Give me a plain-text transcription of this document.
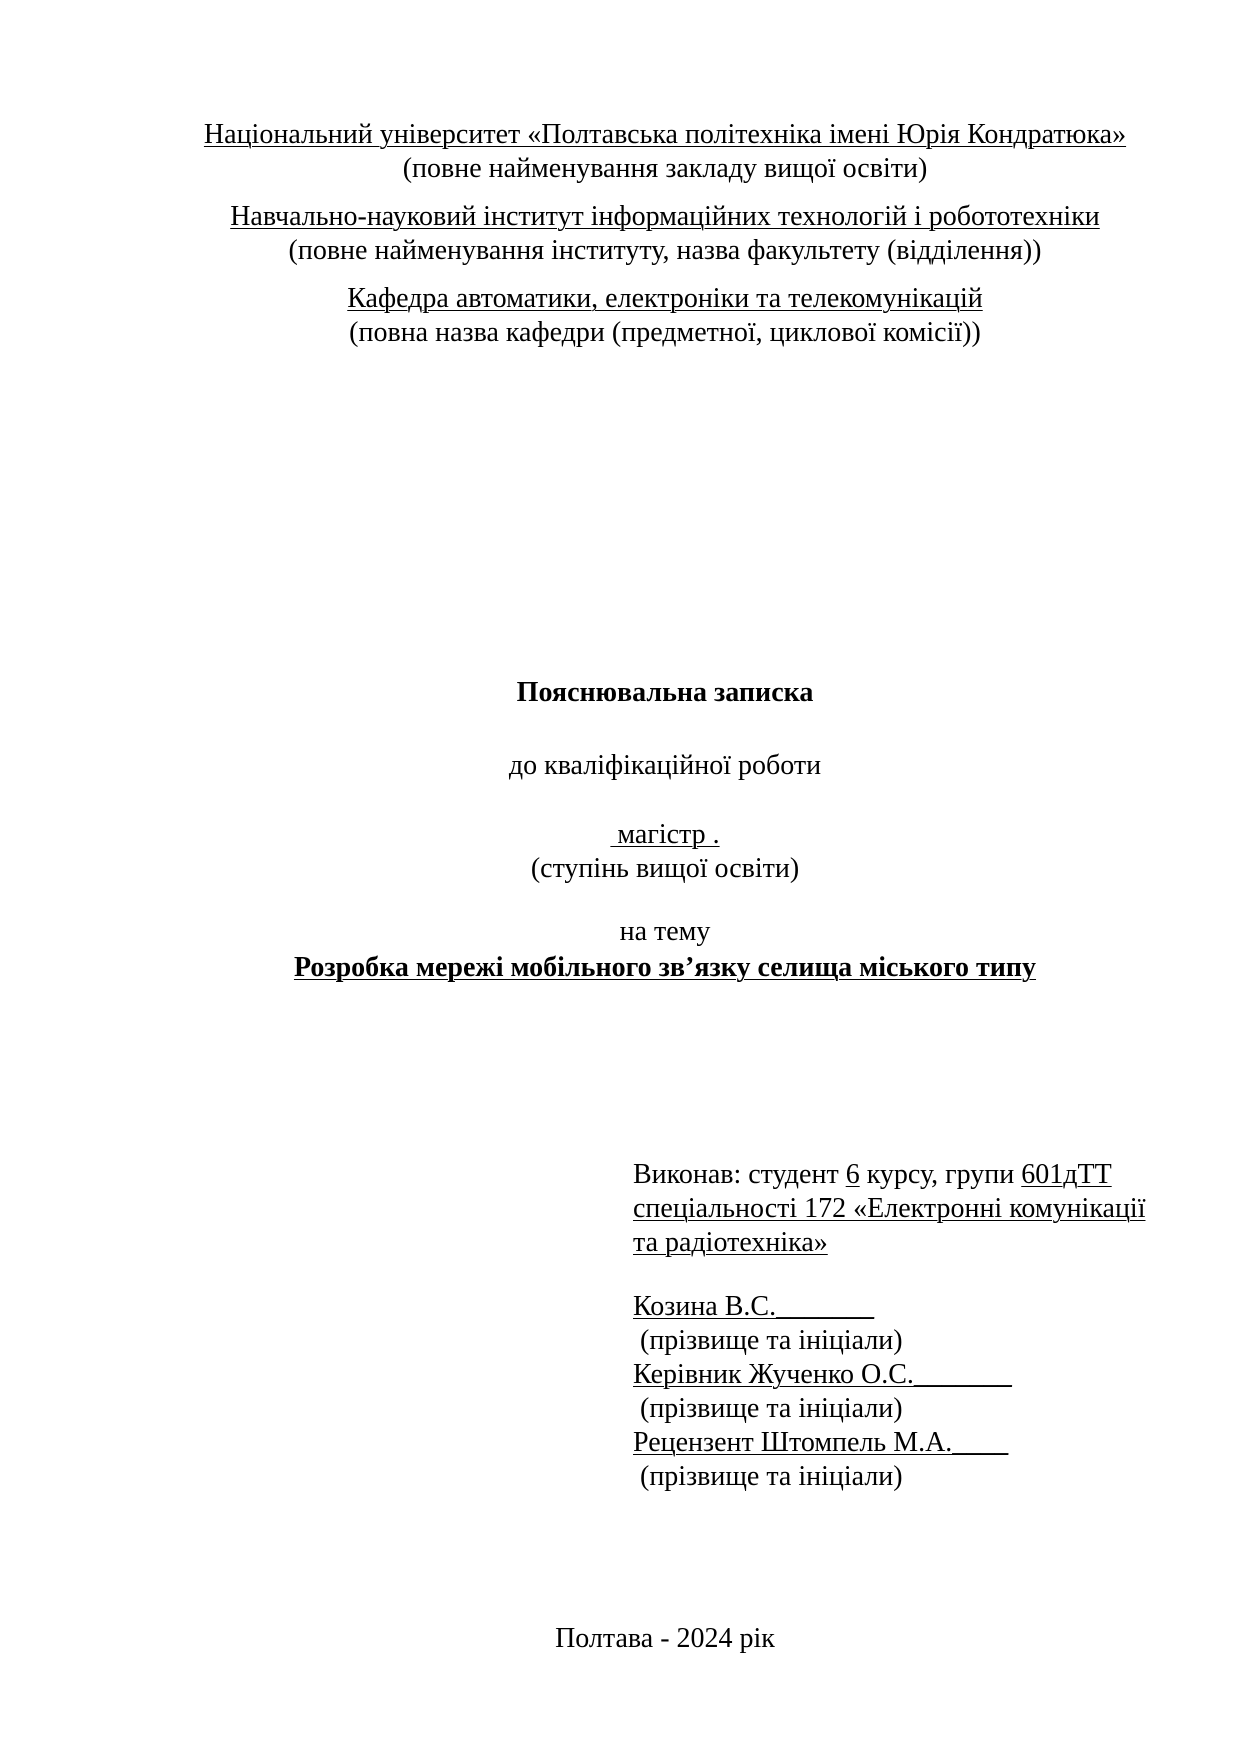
Національний університет «Полтавська політехніка імені Юрія Кондратюка»
(повне найменування закладу вищої освіти)
Навчально-науковий інститут інформаційних технологій і робототехніки
(повне найменування інституту, назва факультету (відділення))
Кафедра автоматики, електроніки та телекомунікацій
(повна назва кафедри (предметної, циклової комісії))
Пояснювальна записка
до кваліфікаційної роботи
магістр .
(ступінь вищої освіти)
на тему
Розробка мережі мобільного зв’язку селища міського типу
Виконав: студент 6 курсу, групи 601дТТ
спеціальності 172 «Електронні комунікації
та радіотехніка»
Козина В.С._______
(прізвище та ініціали)
Керівник Жученко О.С._______
(прізвище та ініціали)
Рецензент Штомпель М.А.____
(прізвище та ініціали)
Полтава - 2024 рік
